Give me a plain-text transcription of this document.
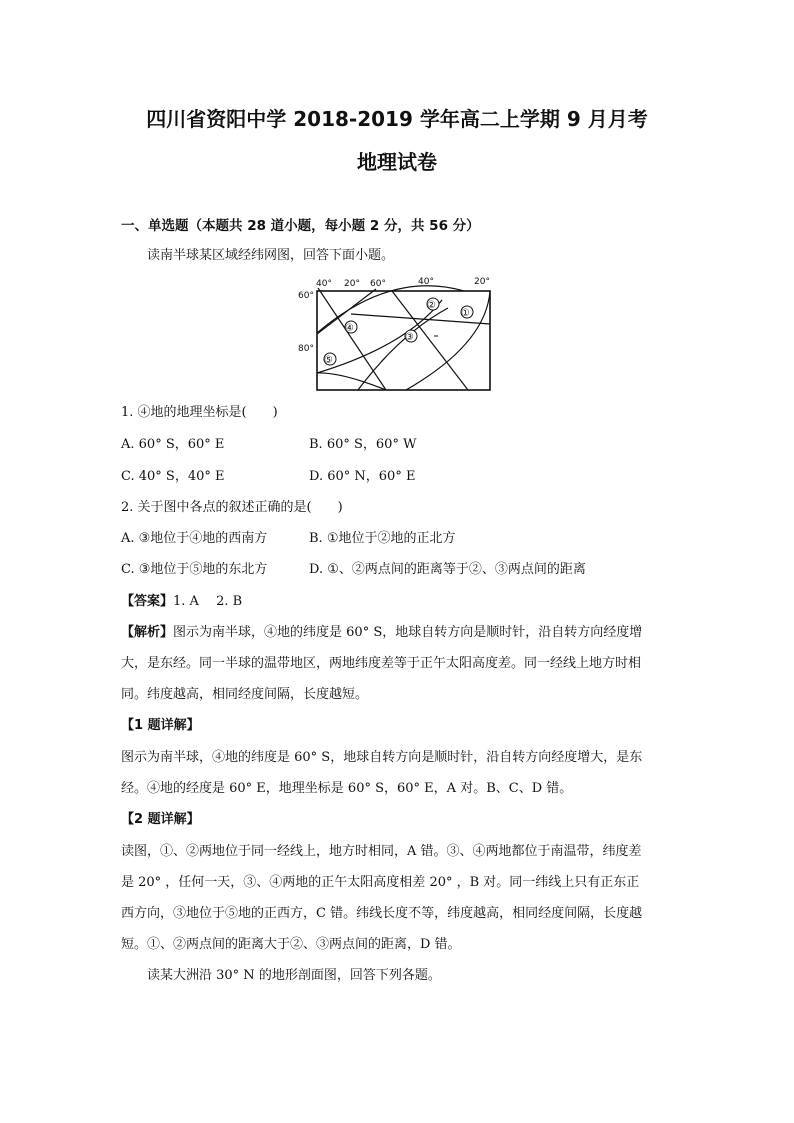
四川省资阳中学 2018-2019 学年高二上学期 9 月月考
地理试卷
一、单选题（本题共 28 道小题，每小题 2 分，共 56 分）
读南半球某区域经纬网图，回答下面小题。
40° 20° 60°	40°	20°
60°
80°
②
①
④
③
⑤
1. ④地的地理坐标是(　　)
A. 60° S，60° E	B. 60° S，60° W
C. 40° S，40° E	D. 60° N，60° E
2. 关于图中各点的叙述正确的是(　　)
A. ③地位于④地的西南方	B. ①地位于②地的正北方
C. ③地位于⑤地的东北方	D. ①、②两点间的距离等于②、③两点间的距离
【答案】1. A　 2. B
【解析】图示为南半球，④地的纬度是 60° S，地球自转方向是顺时针，沿自转方向经度增
大，是东经。同一半球的温带地区，两地纬度差等于正午太阳高度差。同一经线上地方时相
同。纬度越高，相同经度间隔，长度越短。
【1 题详解】
图示为南半球，④地的纬度是 60° S，地球自转方向是顺时针，沿自转方向经度增大，是东
经。④地的经度是 60° E，地理坐标是 60° S，60° E，A 对。B、C、D 错。
【2 题详解】
读图，①、②两地位于同一经线上，地方时相同，A 错。③、④两地都位于南温带，纬度差
是 20° ，任何一天，③、④两地的正午太阳高度相差 20° ，B 对。同一纬线上只有正东正
西方向，③地位于⑤地的正西方，C 错。纬线长度不等，纬度越高，相同经度间隔，长度越
短。①、②两点间的距离大于②、③两点间的距离，D 错。
读某大洲沿 30° N 的地形剖面图，回答下列各题。
